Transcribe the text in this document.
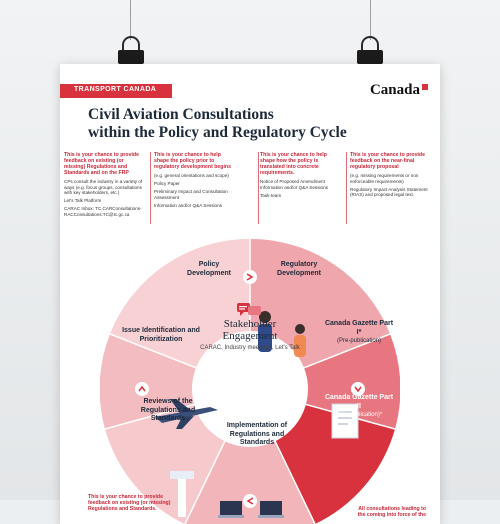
TRANSPORT CANADA	Canada
Civil Aviation Consultations
within the Policy and Regulatory Cycle
This is your chance to provide feedback on existing (or missing) Regulations and Standards and on the FRP
CPs consult the industry in a variety of ways (e.g. focus groups, consultations with key stakeholders, etc.)
Let's Talk Platform
CARAC Inbox: TC.CARConsultations-RACConsultations.TC@tc.gc.ca
This is your chance to help shape the policy prior to regulatory development begins
(e.g. general orientations and scope)
Policy Paper
Preliminary Impact and Consultation Assessment
Information and/or Q&A Sessions
This is your chance to help shape how the policy is translated into concrete requirements.
Notice of Proposed Amendment Information and/or Q&A Sessions
Task-team
This is your chance to provide feedback on the near-final regulatory proposal
(e.g. missing requirements or non enforceable requirements)
Regulatory Impact Analysis Statement (RIAS) and proposed legal text.
Policy Development
Regulatory Development
Canada Gazette Part I*
(Pre-publication)
Issue Identification and Prioritization
Canada Gazette Part II
(Pre-publication)*
Reviews of the Regulations and Standards
Implementation of Regulations and Standards
Stakeholder
Engagement
CARAC, Industry meetings, Let's Talk
This is your chance to provide feedback on existing (or missing) Regulations and Standards.	All consultations leading to the coming into force of the
